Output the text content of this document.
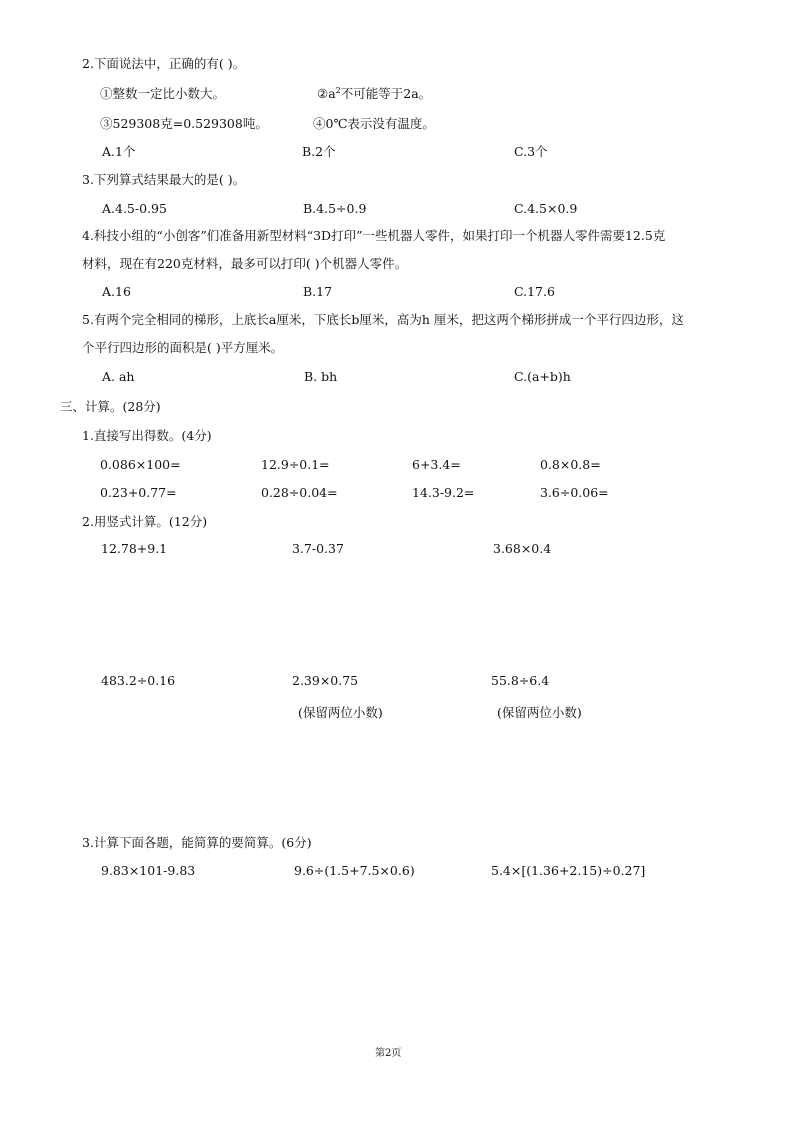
2.下面说法中，正确的有( )。
①整数一定比小数大。	$②a^2$不可能等于2a。
③529308克=0.529308吨。	④0℃表示没有温度。
A.1个	B.2个	C.3个
3.下列算式结果最大的是( )。
A.4.5-0.95	B.4.5÷0.9	C.4.5×0.9
4.科技小组的“小创客”们准备用新型材料“3D打印”一些机器人零件，如果打印一个机器人零件需要12.5克
材料，现在有220克材料，最多可以打印( )个机器人零件。
A.16	B.17	C.17.6
5.有两个完全相同的梯形，上底长a厘米，下底长b厘米，高为h 厘米，把这两个梯形拼成一个平行四边形，这
个平行四边形的面积是( )平方厘米。
A. ah	B. bh	C.(a+b)h
三、计算。(28分)
1.直接写出得数。(4分)
0.086×100=	12.9÷0.1=	6+3.4=	0.8×0.8=
0.23+0.77=	0.28÷0.04=	14.3-9.2=	3.6÷0.06=
2.用竖式计算。(12分)
12.78+9.1	3.7-0.37	3.68×0.4
483.2÷0.16	2.39×0.75	55.8÷6.4
(保留两位小数)	(保留两位小数)
3.计算下面各题，能简算的要简算。(6分)
9.83×101-9.83	9.6÷(1.5+7.5×0.6)	5.4×[(1.36+2.15)÷0.27]
第2页
